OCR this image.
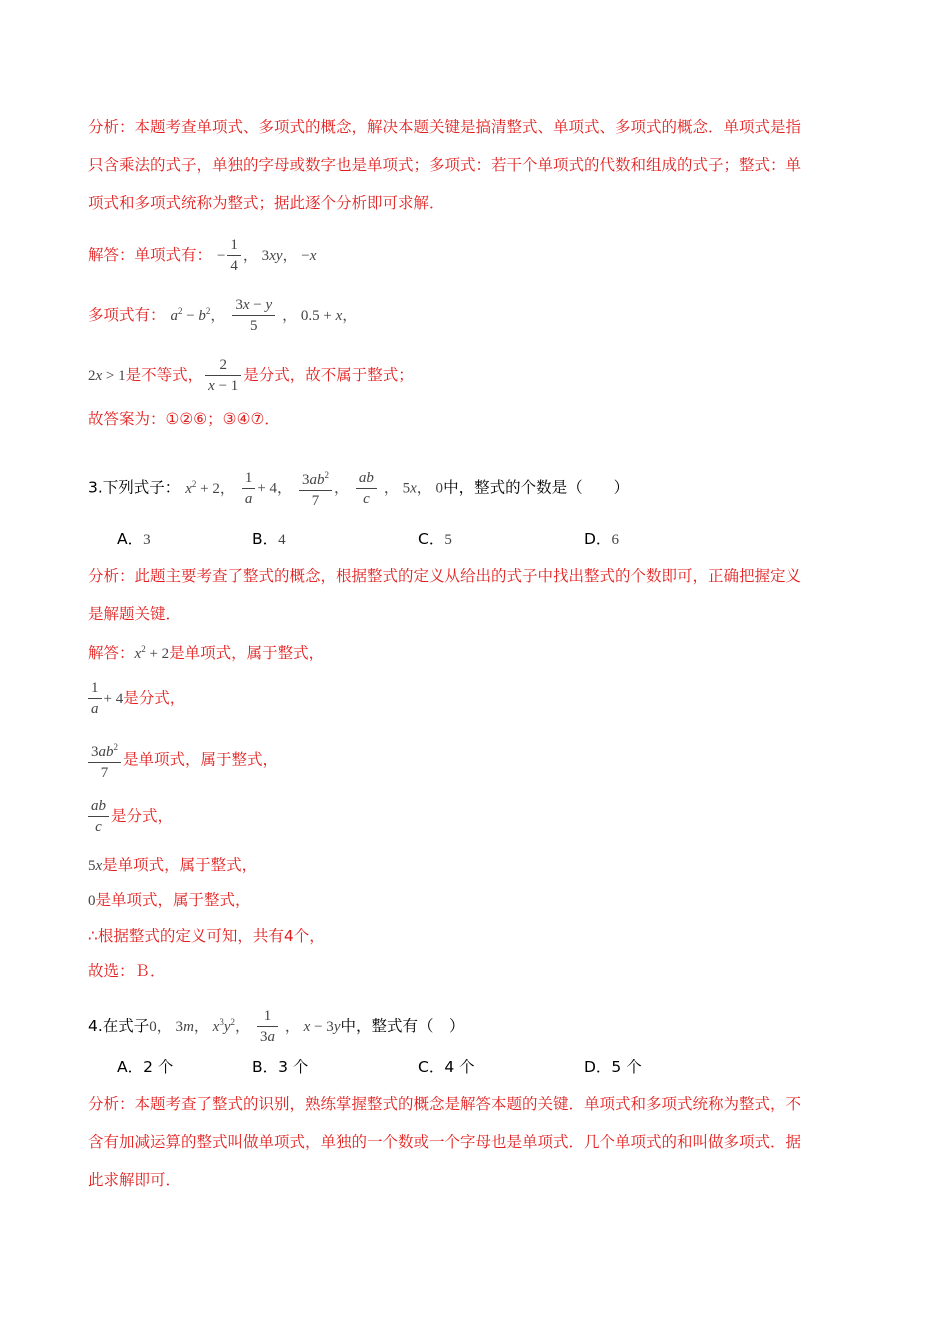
分析：本题考查单项式、多项式的概念，解决本题关键是搞清整式、单项式、多项式的概念．单项式是指
只含乘法的式子，单独的字母或数字也是单项式；多项式：若干个单项式的代数和组成的式子；整式：单
项式和多项式统称为整式；据此逐个分析即可求解．
解答：单项式有： − $\frac{1}{4}$ ， 3xy， −x
多项式有： $a^2 - b^2$， $\frac{3x - y}{5}$ ， 0.5 + x，
2x > 1是不等式， $\frac{2}{x - 1}$ 是分式，故不属于整式；
故答案为：①②⑥；③④⑦．
3.下列式子： $x^2 + 2$， $\frac{1}{a} + 4$， $\frac{3ab^2}{7}$ ， $\frac{ab}{c}$ ， 5x， 0中，整式的个数是（　　）
A．3	B．4	C．5	D．6
分析：此题主要考查了整式的概念，根据整式的定义从给出的式子中找出整式的个数即可，正确把握定义
是解题关键．
解答：$x^2 + 2$是单项式，属于整式，
$\frac{1}{a} + 4$是分式，
$\frac{3ab^2}{7}$ 是单项式，属于整式，
$\frac{ab}{c}$ 是分式，
5x是单项式，属于整式，
0是单项式，属于整式，
∴根据整式的定义可知，共有4个，
故选：Ｂ．
4.在式子0， 3m， $x^3y^2$， $\frac{1}{3a}$ ， x − 3y中，整式有（　）
A．2 个	B．3 个	C．4 个	D．5 个
分析：本题考查了整式的识别，熟练掌握整式的概念是解答本题的关键．单项式和多项式统称为整式，不
含有加减运算的整式叫做单项式，单独的一个数或一个字母也是单项式．几个单项式的和叫做多项式．据
此求解即可．
